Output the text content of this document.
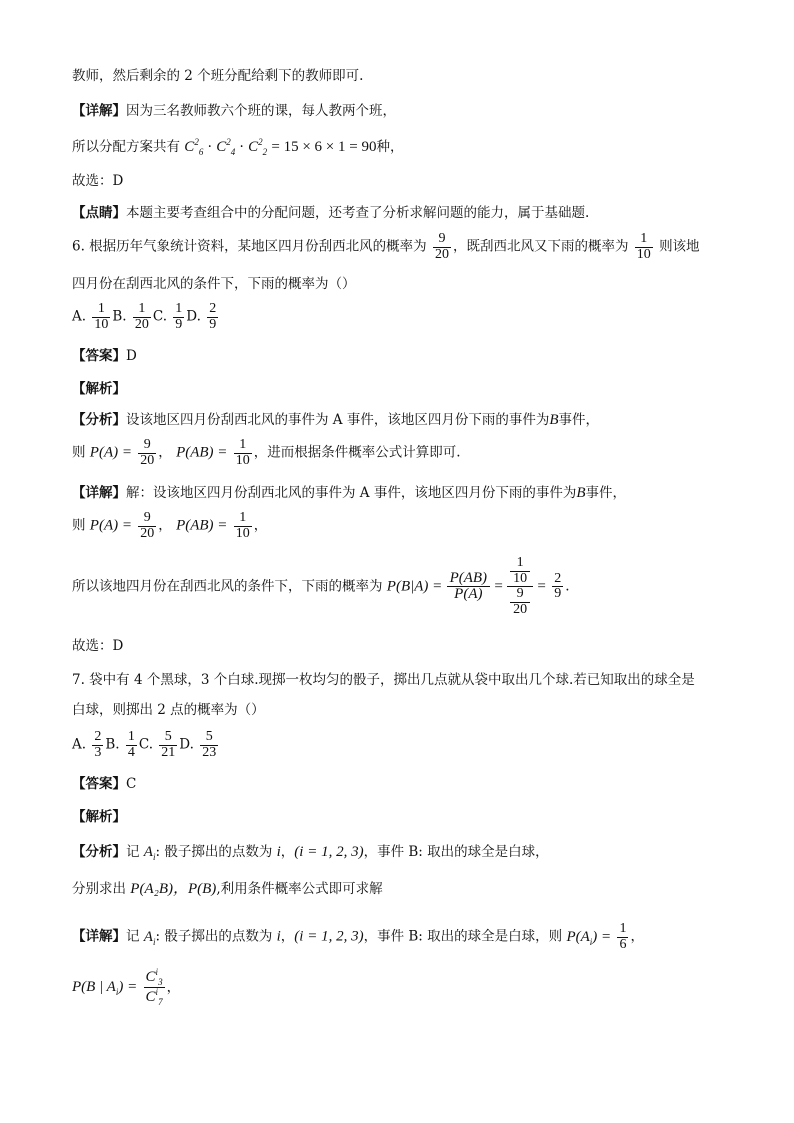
教师，然后剩余的 2 个班分配给剩下的教师即可.
【详解】因为三名教师教六个班的课，每人教两个班，
所以分配方案共有 $C^2_6 \cdot C^2_4 \cdot C^2_2 = 15 \times 6 \times 1 = 90$种，
故选：D
【点睛】本题主要考查组合中的分配问题，还考查了分析求解问题的能力，属于基础题.
6. 根据历年气象统计资料，某地区四月份刮西北风的概率为 $\frac{9}{20}$ ，既刮西北风又下雨的概率为 $\frac{1}{10}$ 则该地
四月份在刮西北风的条件下，下雨的概率为（）
A. $\frac{1}{10} B$. $\frac{1}{20} C$. $\frac{1}{9} D$. $\frac{2}{9}$
【答案】D
【解析】
【分析】设该地区四月份刮西北风的事件为 A 事件，该地区四月份下雨的事件为B事件，
则 $P(A) = \frac{9}{20}$ ， $P(AB) = \frac{1}{10}$ ，进而根据条件概率公式计算即可.
【详解】解：设该地区四月份刮西北风的事件为 A 事件，该地区四月份下雨的事件为B事件，
则 $P(A) = \frac{9}{20}$ ， $P(AB) = \frac{1}{10}$ ，
所以该地四月份在刮西北风的条件下，下雨的概率为 $P(B|A) = \frac{P(AB)}{P(A)} = \frac{\frac{1}{10}}{\frac{9}{20}} = \frac{2}{9}$ .
故选：D
7. 袋中有 4 个黑球，3 个白球.现掷一枚均匀的骰子，掷出几点就从袋中取出几个球.若已知取出的球全是
白球，则掷出 2 点的概率为（）
A. $\frac{2}{3} B$. $\frac{1}{4} C$. $\frac{5}{21} D$. $\frac{5}{23}$
【答案】C
【解析】
【分析】记 $A_i$: 骰子掷出的点数为 i，(i = 1, 2, 3)，事件 B: 取出的球全是白球，
分别求出 P(A₂B)，P(B),利用条件概率公式即可求解
【详解】记 $A_i$: 骰子掷出的点数为 i，(i = 1, 2, 3)，事件 B: 取出的球全是白球，则 $P(A_i) = \frac{1}{6}$ ，
P(B | $A_i) = \frac{C^i_3}{C^i_7}$ ，
